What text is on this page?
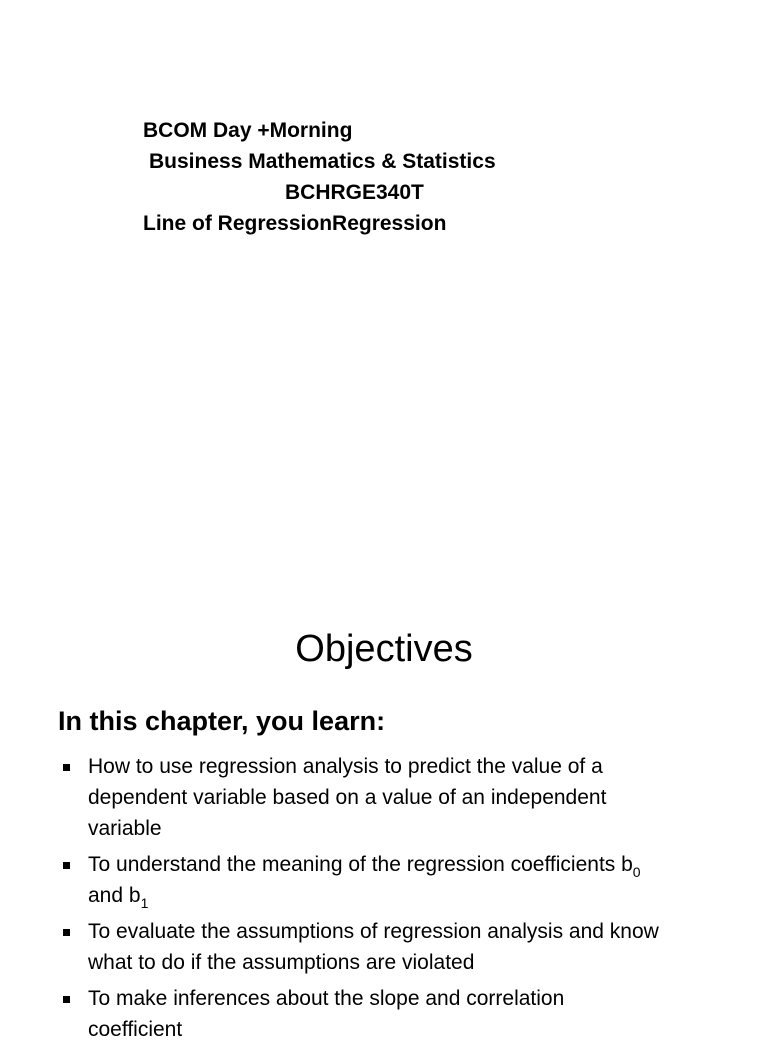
BCOM Day +Morning
Business Mathematics & Statistics
BCHRGE340T
Line of RegressionRegression
Objectives
In this chapter, you learn:
How to use regression analysis to predict the value of a
dependent variable based on a value of an independent
variable
To understand the meaning of the regression coefficients $b_0$
and $b_1$
To evaluate the assumptions of regression analysis and know
what to do if the assumptions are violated
To make inferences about the slope and correlation
coefficient
